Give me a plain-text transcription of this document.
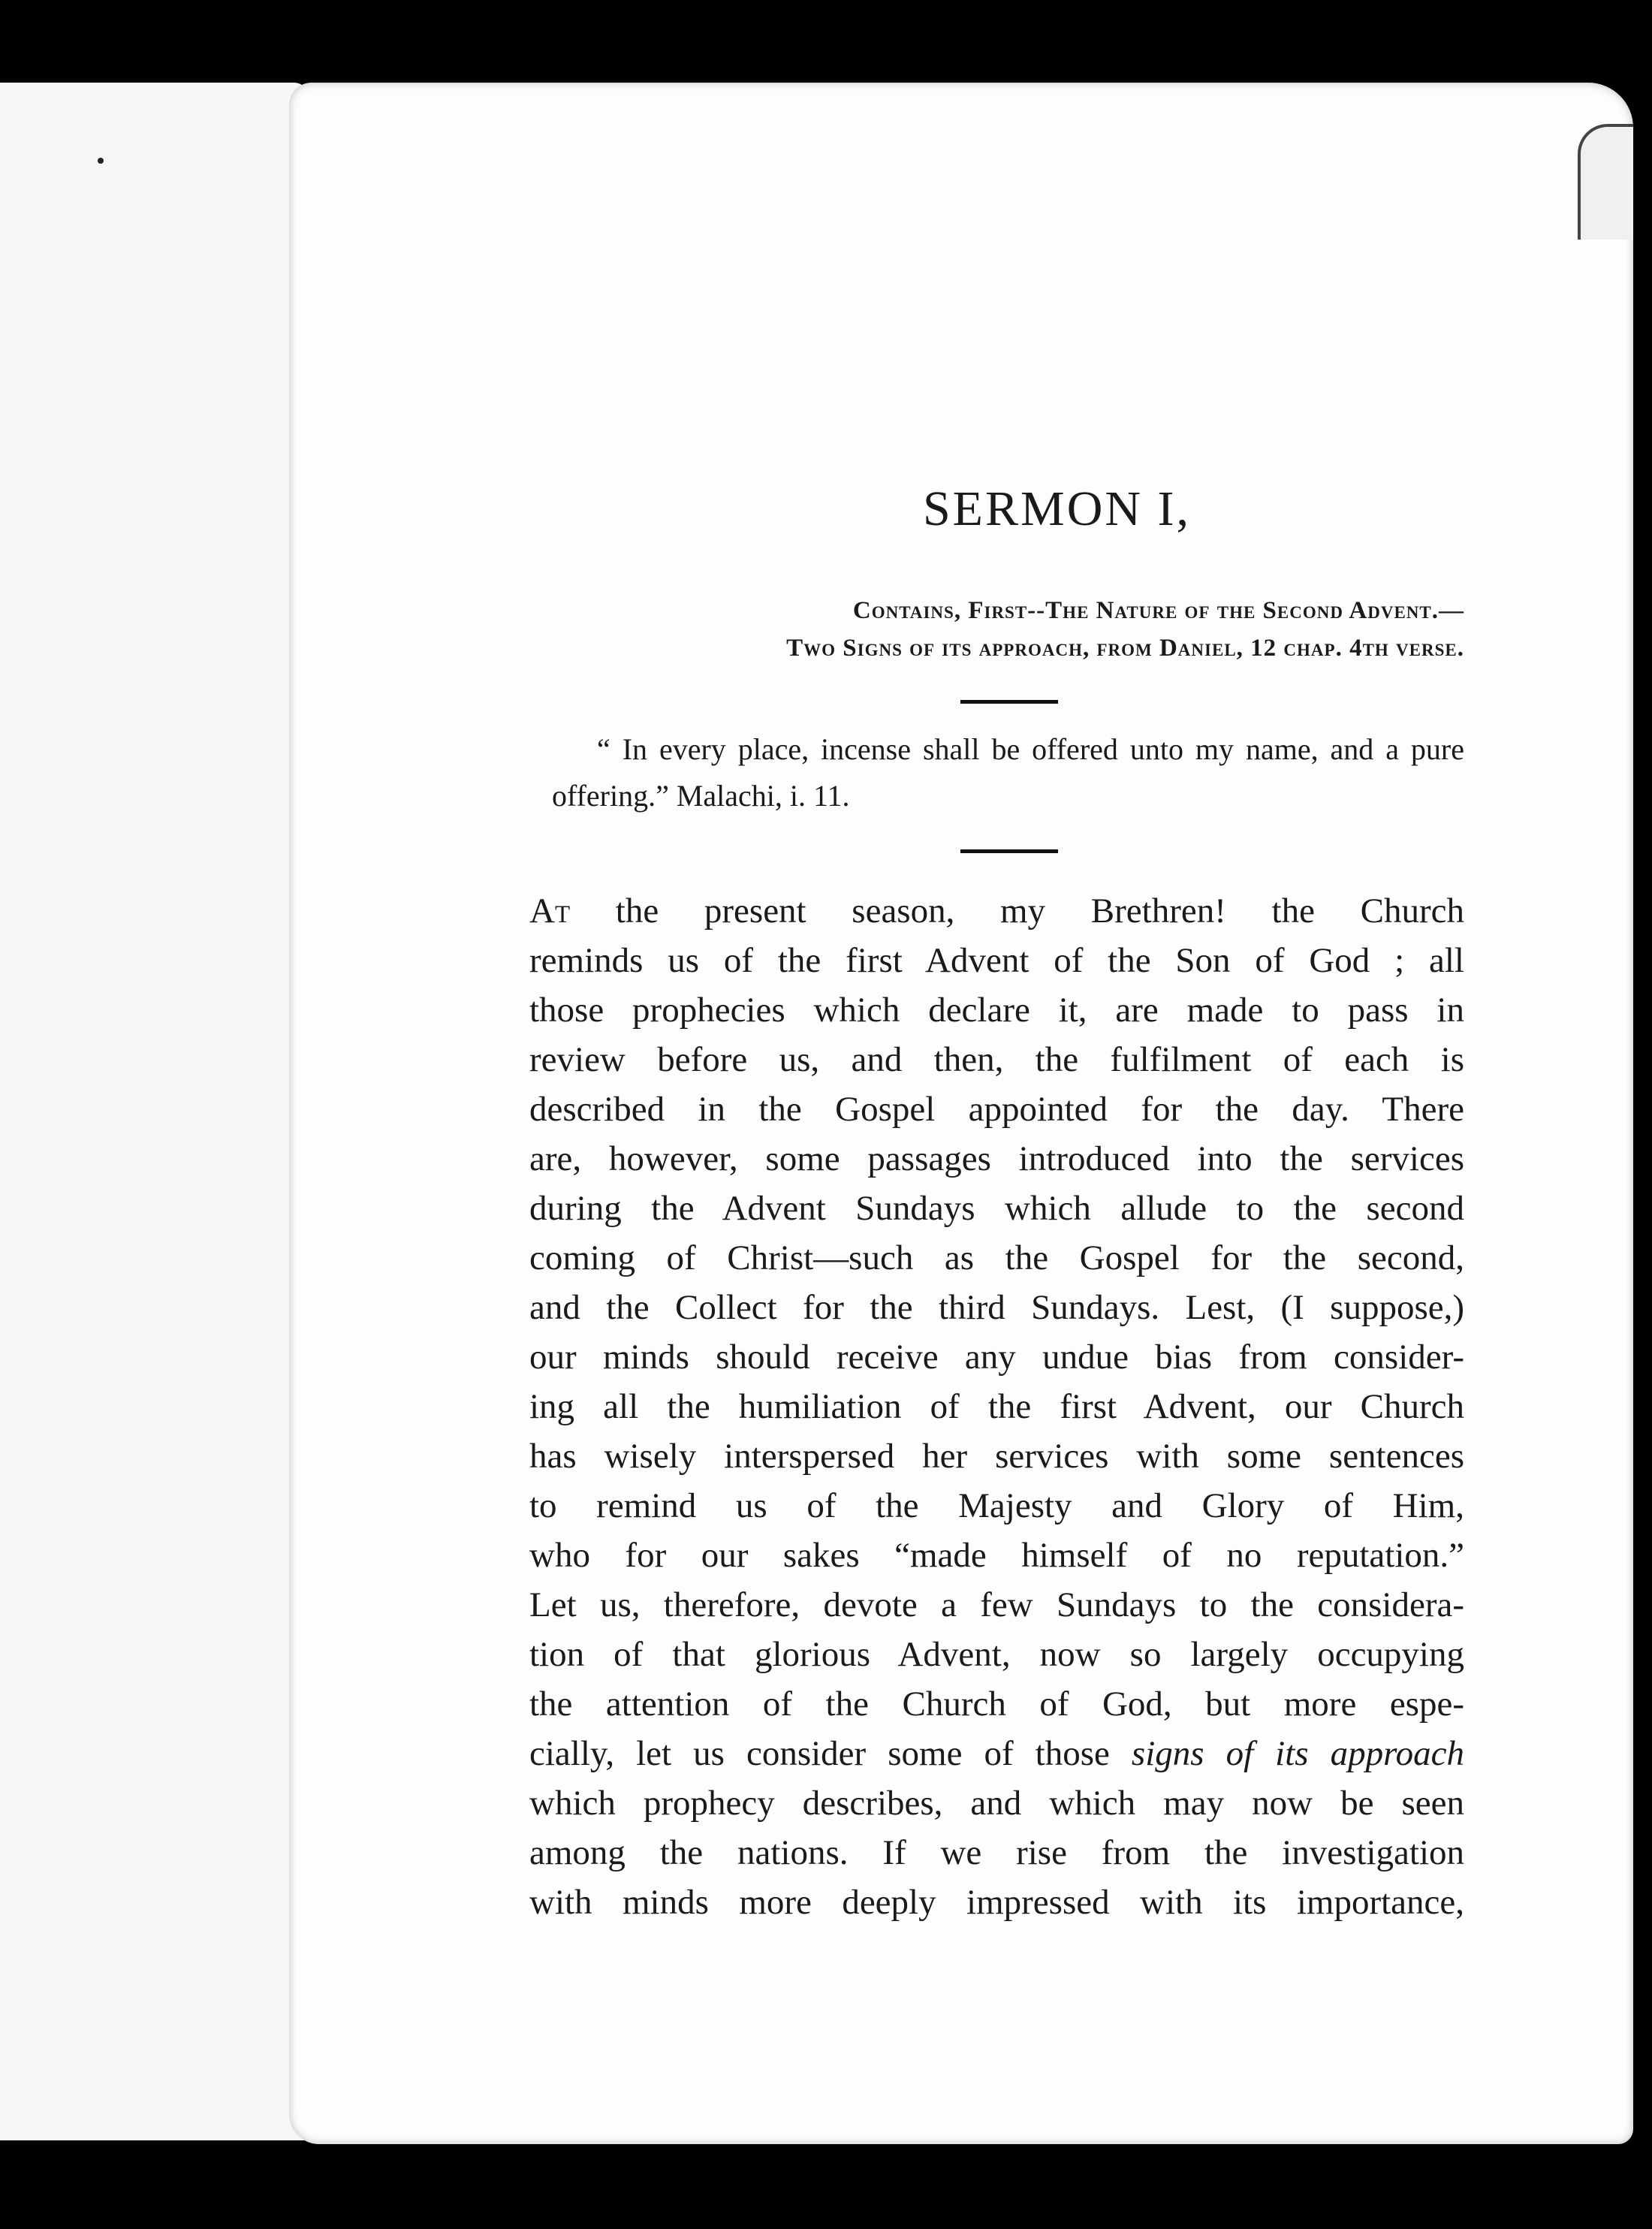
SERMON I,
Contains, First--The Nature of the Second Advent.—
Two Signs of its approach, from Daniel, 12 chap. 4th verse.

“ In every place, incense shall be offered unto my name, and a pure offering.” Malachi, i. 11.

At the present season, my Brethren! the Church
reminds us of the first Advent of the Son of God ; all
those prophecies which declare it, are made to pass in
review before us, and then, the fulfilment of each is
described in the Gospel appointed for the day. There
are, however, some passages introduced into the services
during the Advent Sundays which allude to the second
coming of Christ—such as the Gospel for the second,
and the Collect for the third Sundays. Lest, (I suppose,)
our minds should receive any undue bias from consider-
ing all the humiliation of the first Advent, our Church
has wisely interspersed her services with some sentences
to remind us of the Majesty and Glory of Him,
who for our sakes “made himself of no reputation.”
Let us, therefore, devote a few Sundays to the considera-
tion of that glorious Advent, now so largely occupying
the attention of the Church of God, but more espe-
cially, let us consider some of those signs of its approach
which prophecy describes, and which may now be seen
among the nations. If we rise from the investigation
with minds more deeply impressed with its importance,
